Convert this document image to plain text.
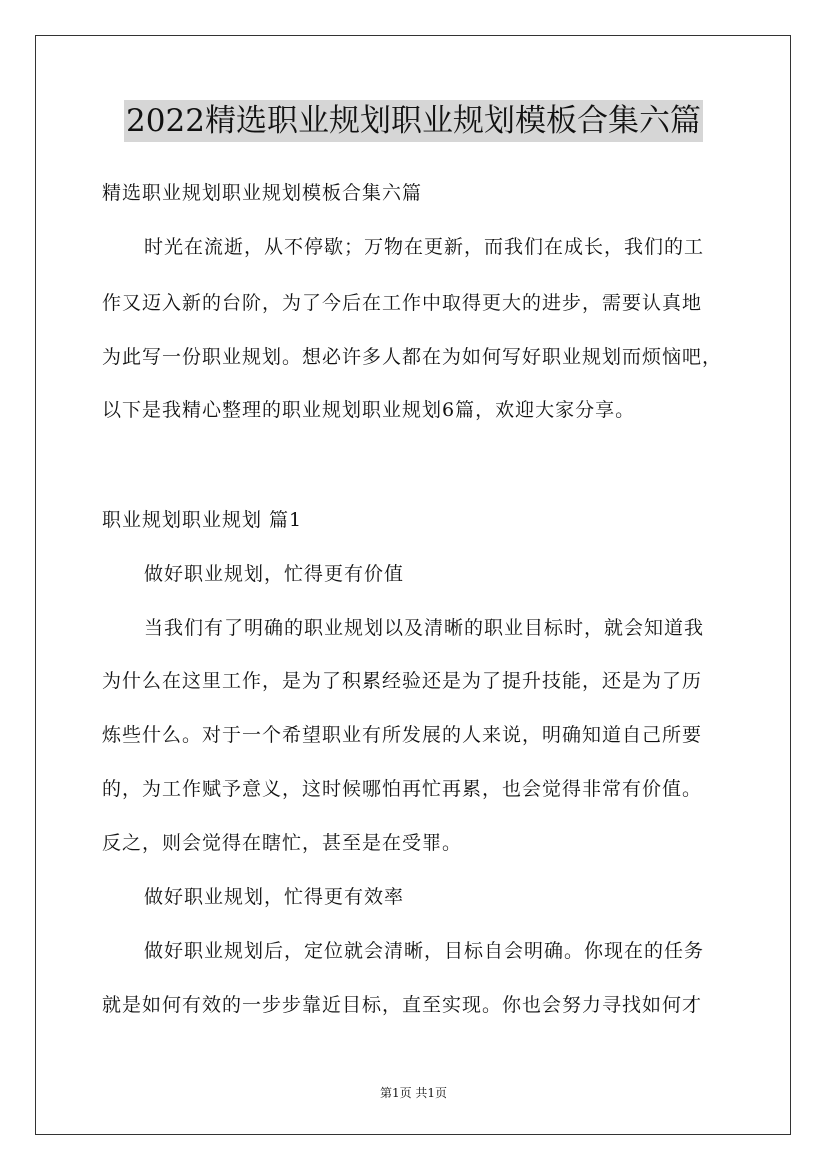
2022精选职业规划职业规划模板合集六篇
精选职业规划职业规划模板合集六篇
时光在流逝，从不停歇；万物在更新，而我们在成长，我们的工
作又迈入新的台阶，为了今后在工作中取得更大的进步，需要认真地
为此写一份职业规划。想必许多人都在为如何写好职业规划而烦恼吧，
以下是我精心整理的职业规划职业规划6篇，欢迎大家分享。
职业规划职业规划 篇1
做好职业规划，忙得更有价值
当我们有了明确的职业规划以及清晰的职业目标时，就会知道我
为什么在这里工作，是为了积累经验还是为了提升技能，还是为了历
炼些什么。对于一个希望职业有所发展的人来说，明确知道自己所要
的，为工作赋予意义，这时候哪怕再忙再累，也会觉得非常有价值。
反之，则会觉得在瞎忙，甚至是在受罪。
做好职业规划，忙得更有效率
做好职业规划后，定位就会清晰，目标自会明确。你现在的任务
就是如何有效的一步步靠近目标，直至实现。你也会努力寻找如何才
第1页 共1页
